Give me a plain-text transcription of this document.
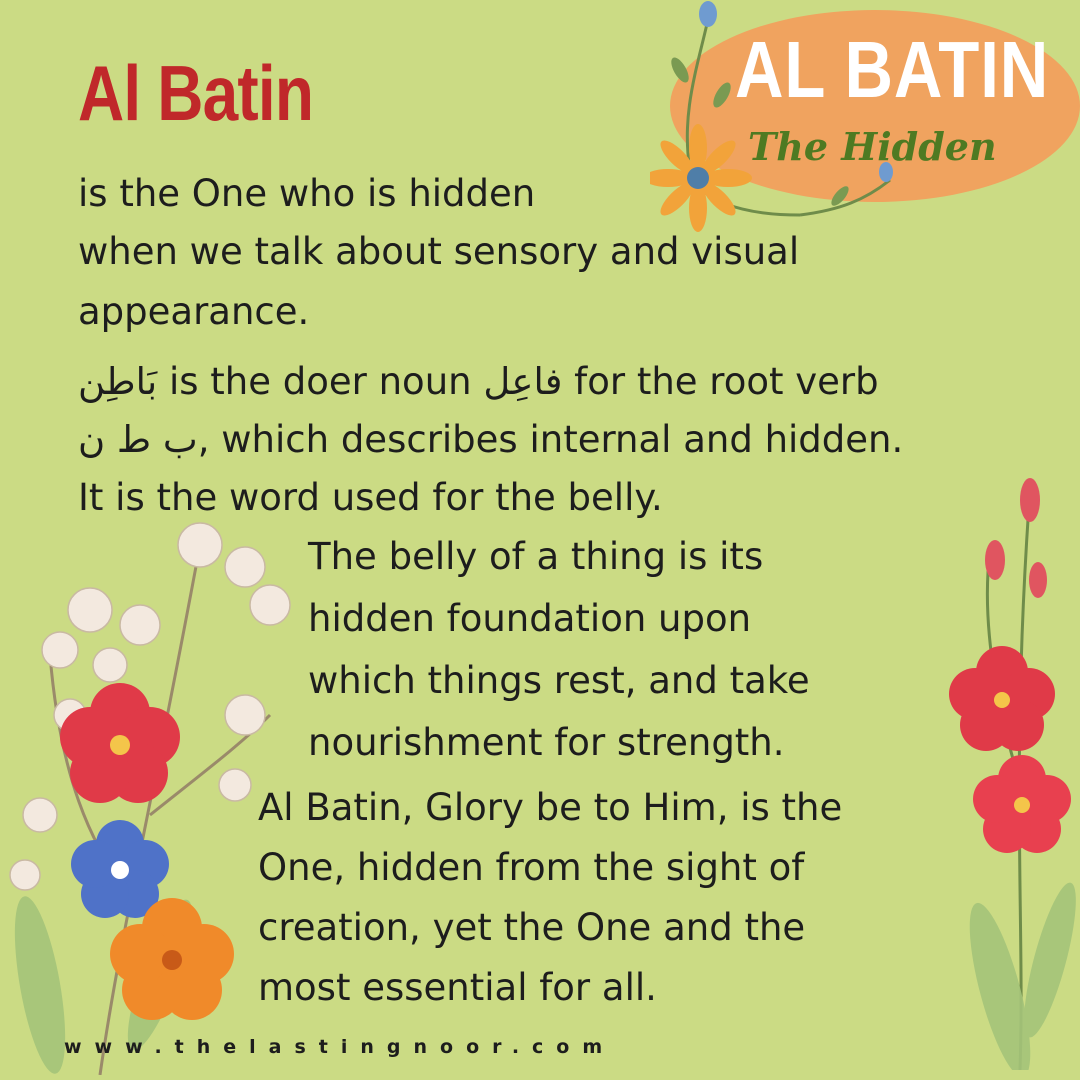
AL BATIN

The Hidden

Al Batin

is the One who is hidden

when we talk about sensory and visual

appearance.

بَاطِن is the doer noun فاعِل for the root verb

ب ط ن, which describes internal and hidden.

It is the word used for the belly.

The belly of a thing is its
hidden foundation upon
which things rest, and take
nourishment for strength.

Al Batin, Glory be to Him, is the
One, hidden from the sight of
creation, yet the One and the
most essential for all.

www.thelastingnoor.com
